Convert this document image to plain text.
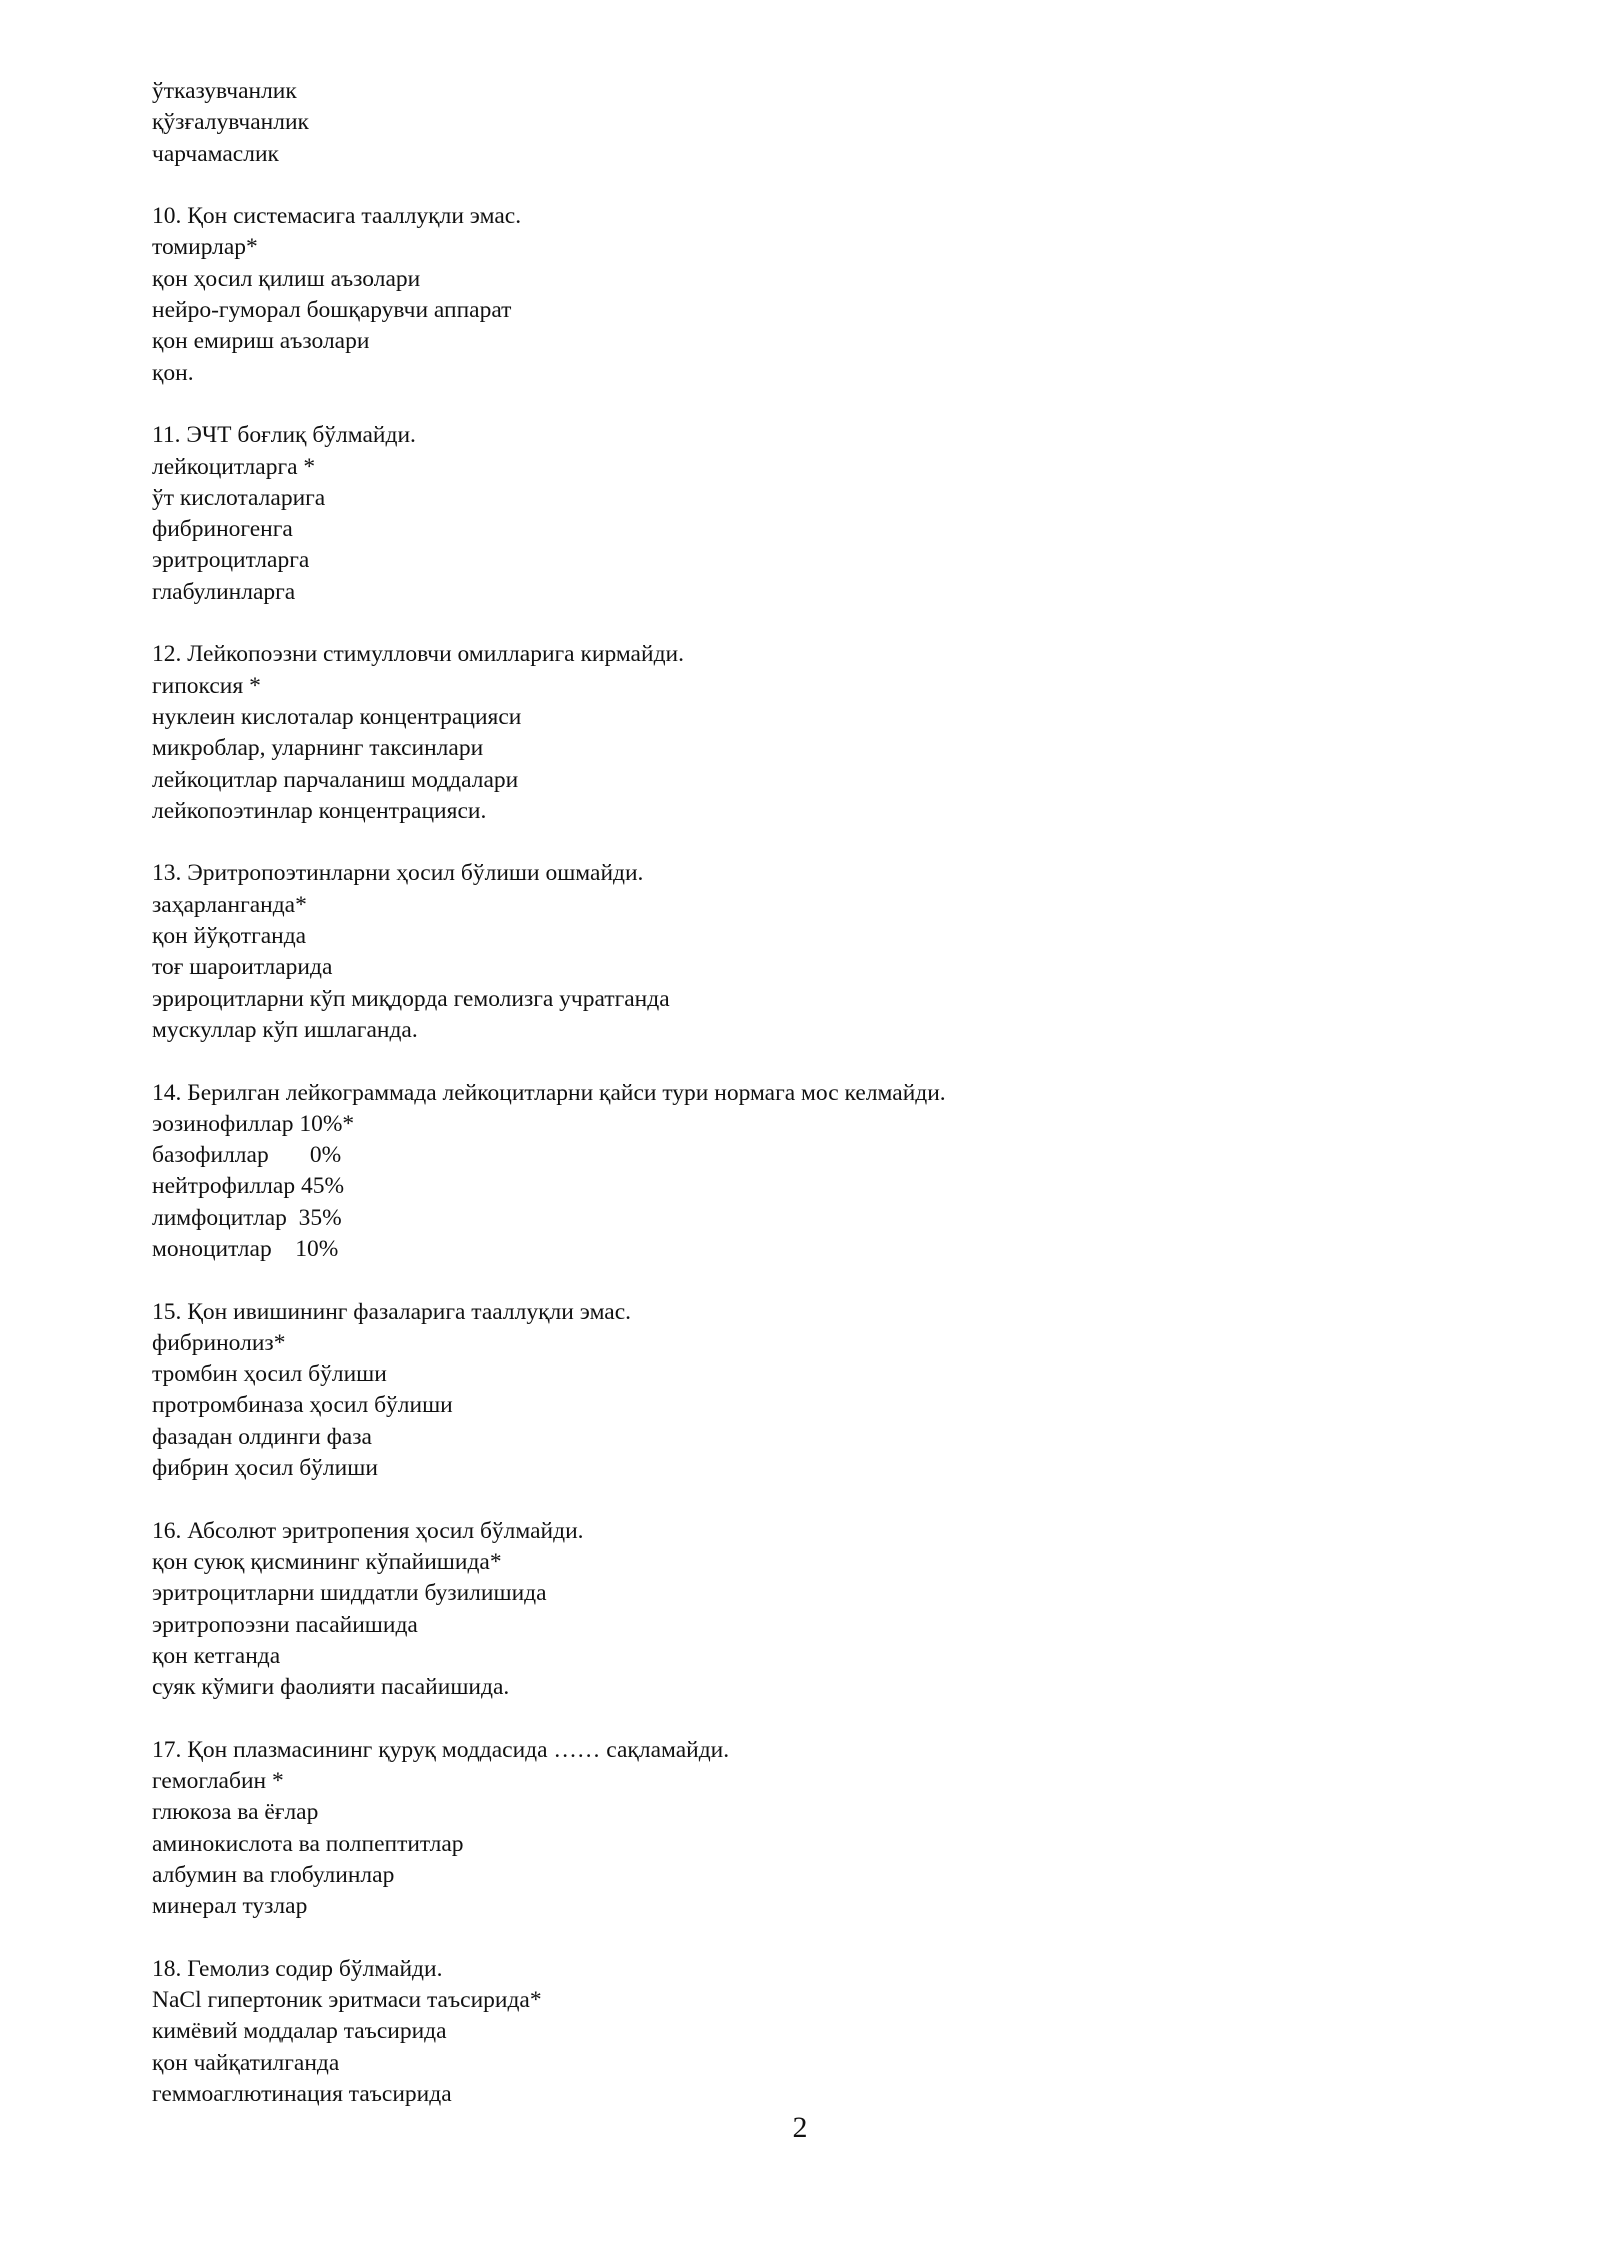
ўтказувчанлик
қўзғалувчанлик
чарчамаслик
10. Қон системасига тааллуқли эмас.
томирлар*
қон ҳосил қилиш аъзолари
нейро-гуморал бошқарувчи аппарат
қон емириш аъзолари
қон.
11. ЭЧТ боғлиқ бўлмайди.
лейкоцитларга *
ўт кислоталарига
фибриногенга
эритроцитларга
глабулинларга
12. Лейкопоэзни стимулловчи омилларига кирмайди.
гипоксия *
нуклеин кислоталар концентрацияси
микроблар, уларнинг таксинлари
лейкоцитлар парчаланиш моддалари
лейкопоэтинлар концентрацияси.
13. Эритропоэтинларни ҳосил бўлиши ошмайди.
заҳарланганда*
қон йўқотганда
тоғ шароитларида
эрироцитларни кўп миқдорда гемолизга учратганда
мускуллар кўп ишлаганда.
14. Берилган лейкограммада лейкоцитларни қайси тури нормага мос келмайди.
эозинофиллар 10%*
базофиллар       0%
нейтрофиллар 45%
лимфоцитлар  35%
моноцитлар    10%
15. Қон ивишининг фазаларига тааллуқли эмас.
фибринолиз*
тромбин ҳосил бўлиши
протромбиназа ҳосил бўлиши
фазадан олдинги фаза
фибрин ҳосил бўлиши
16. Абсолют эритропения ҳосил бўлмайди.
қон суюқ қисмининг кўпайишида*
эритроцитларни шиддатли бузилишида
эритропоэзни пасайишида
қон кетганда
суяк кўмиги фаолияти пасайишида.
17. Қон плазмасининг қуруқ моддасида …… сақламайди.
гемоглабин *
глюкоза ва ёғлар
аминокислота ва полпептитлар
албумин ва глобулинлар
минерал тузлар
18. Гемолиз содир бўлмайди.
NaCl гипертоник эритмаси таъсирида*
кимёвий моддалар таъсирида
қон чайқатилганда
геммоаглютинация таъсирида
2
